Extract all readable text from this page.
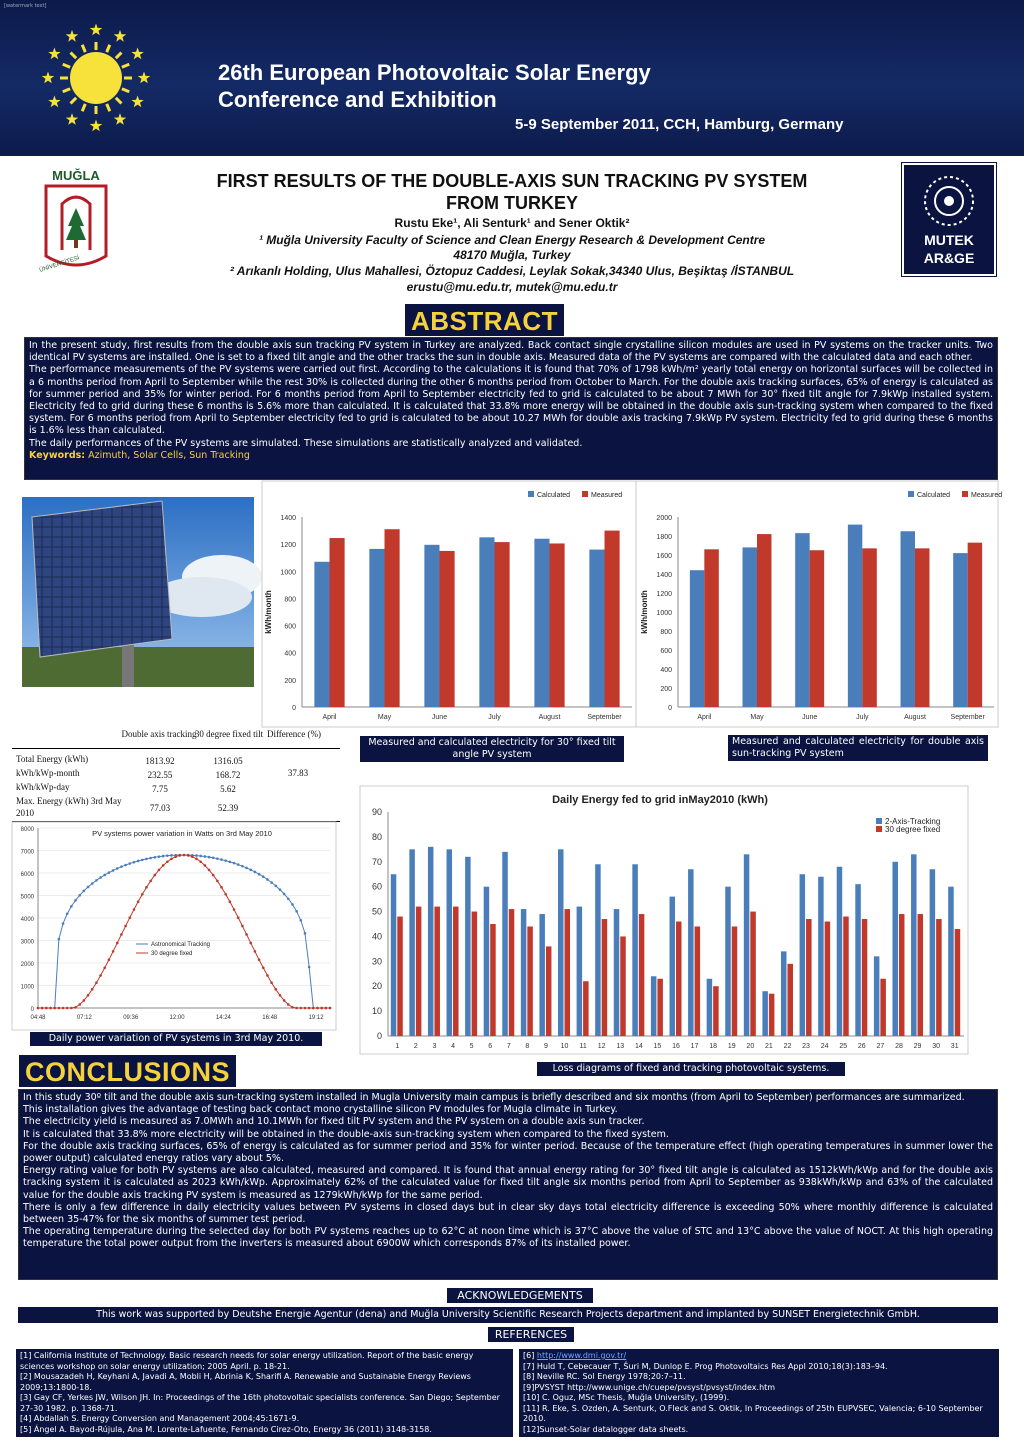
[watermark text]
26th European Photovoltaic Solar Energy
Conference and Exhibition
5-9 September 2011, CCH, Hamburg, Germany
MUĞLA
ÜNİVERSİTESİ
MUTEK
AR&GE
FIRST RESULTS OF THE DOUBLE-AXIS SUN TRACKING PV SYSTEM
FROM TURKEY
Rustu Eke¹, Ali Senturk¹ and Sener Oktik²
¹ Muğla University Faculty of Science and Clean Energy Research & Development Centre
48170 Muğla, Turkey
² Arıkanlı Holding, Ulus Mahallesi, Öztopuz Caddesi, Leylak Sokak,34340 Ulus, Beşiktaş /İSTANBUL
erustu@mu.edu.tr, mutek@mu.edu.tr
ABSTRACT
In the present study, first results from the double axis sun tracking PV system in Turkey are analyzed. Back contact single crystalline silicon modules are used in PV systems on the tracker units. Two identical PV systems are installed. One is set to a fixed tilt angle and the other tracks the sun in double axis. Measured data of the PV systems are compared with the calculated data and each other.
The performance measurements of the PV systems were carried out first. According to the calculations it is found that 70% of 1798 kWh/m² yearly total energy on horizontal surfaces will be collected in a 6 months period from April to September while the rest 30% is collected during the other 6 months period from October to March. For the double axis tracking surfaces, 65% of energy is calculated as for summer period and 35% for winter period. For 6 months period from April to September electricity fed to grid is calculated to be about 7 MWh for 30° fixed tilt angle for 7.9kWp installed system. Electricity fed to grid during these 6 months is 5.6% more than calculated. It is calculated that 33.8% more energy will be obtained in the double axis sun-tracking system when compared to the fixed system. For 6 months period from April to September electricity fed to grid is calculated to be about 10.27 MWh for double axis tracking 7.9kWp PV system. Electricity fed to grid during these 6 months is 1.6% less than calculated.
The daily performances of the PV systems are simulated. These simulations are statistically analyzed and validated.
Keywords: Azimuth, Solar Cells, Sun Tracking
Double axis tracking
30 degree fixed tilt Difference (%)
Total Energy (kWh)	1813.92	1316.05
kWh/kWp-month	232.55	168.72	37.83
kWh/kWp-day	7.75	5.62
Max. Energy (kWh) 3rd May 2010	77.03	52.39
0
200
400
600
800
1000
1200
1400
April	May	June	July	August	September
kWh/month
Calculated	Measured
0
200
400
600
800
1000
1200
1400
1600
1800
2000
April	May	June	July	August	September
kWh/month
Calculated	Measured
Measured and calculated electricity for 30° fixed tilt angle PV system
Measured and calculated electricity for double axis sun-tracking PV system
PV systems power variation in Watts on 3rd May 2010
0
1000
2000
3000
4000
5000
6000
7000
8000
04:48	07:12	09:36	12:00	14:24	16:48	19:12
Astronomical Tracking
30 degree fixed
Daily power variation of PV systems in 3rd May 2010.
Daily Energy fed to grid inMay2010 (kWh)
0
10
20
30
40
50
60
70
80
90
1 2 3 4 5 6 7 8 9 10 11 12 13 14 15 16 17 18 19 20 21 22 23 24 25 26 27 28 29 30 31
2-Axis-Tracking
30 degree fixed
Loss diagrams of fixed and tracking photovoltaic systems.
CONCLUSIONS
In this study 30º tilt and the double axis sun-tracking system installed in Mugla University main campus is briefly described and six months (from April to September) performances are summarized.
This installation gives the advantage of testing back contact mono crystalline silicon PV modules for Mugla climate in Turkey.
The electricity yield is measured as 7.0MWh and 10.1MWh for fixed tilt PV system and the PV system on a double axis sun tracker.
It is calculated that 33.8% more electricity will be obtained in the double-axis sun-tracking system when compared to the fixed system.
For the double axis tracking surfaces, 65% of energy is calculated as for summer period and 35% for winter period. Because of the temperature effect (high operating temperatures in summer lower the power output) calculated energy ratios vary about 5%.
Energy rating value for both PV systems are also calculated, measured and compared. It is found that annual energy rating for 30° fixed tilt angle is calculated as 1512kWh/kWp and for the double axis tracking system it is calculated as 2023 kWh/kWp. Approximately 62% of the calculated value for fixed tilt angle six months period from April to September as 938kWh/kWp and 63% of the calculated value for the double axis tracking PV system is measured as 1279kWh/kWp for the same period.
There is only a few difference in daily electricity values between PV systems in closed days but in clear sky days total electricity difference is exceeding 50% where monthly difference is calculated between 35-47% for the six months of summer test period.
The operating temperature during the selected day for both PV systems reaches up to 62°C at noon time which is 37°C above the value of STC and 13°C above the value of NOCT. At this high operating temperature the total power output from the inverters is measured about 6900W which corresponds 87% of its installed power.
ACKNOWLEDGEMENTS
This work was supported by Deutshe Energie Agentur (dena) and Muğla University Scientific Research Projects department and implanted by SUNSET Energietechnik GmbH.
REFERENCES
[1] California Institute of Technology. Basic research needs for solar energy utilization. Report of the basic energy sciences workshop on solar energy utilization; 2005 April. p. 18-21.
[2] Mousazadeh H, Keyhani A, Javadi A, Mobli H, Abrinia K, Sharifi A. Renewable and Sustainable Energy Reviews 2009;13:1800-18.
[3] Gay CF, Yerkes JW, Wilson JH. In: Proceedings of the 16th photovoltaic specialists conference. San Diego; September 27-30 1982. p. 1368-71.
[4] Abdallah S. Energy Conversion and Management 2004;45:1671-9.
[5] Ángel A. Bayod-Rújula, Ana M. Lorente-Lafuente, Fernando Cirez-Oto, Energy 36 (2011) 3148-3158.
[6] http://www.dmi.gov.tr/
[7] Huld T, Cebecauer T, Šuri M, Dunlop E. Prog Photovoltaics Res Appl 2010;18(3):183–94.
[8] Neville RC. Sol Energy 1978;20:7–11.
[9]PVSYST http://www.unige.ch/cuepe/pvsyst/pvsyst/index.htm
[10] C. Oguz, MSc Thesis, Muğla University, (1999).
[11] R. Eke, S. Ozden, A. Senturk, O.Fleck and S. Oktik, In Proceedings of 25th EUPVSEC, Valencia; 6-10 September 2010.
[12]Sunset-Solar datalogger data sheets.
